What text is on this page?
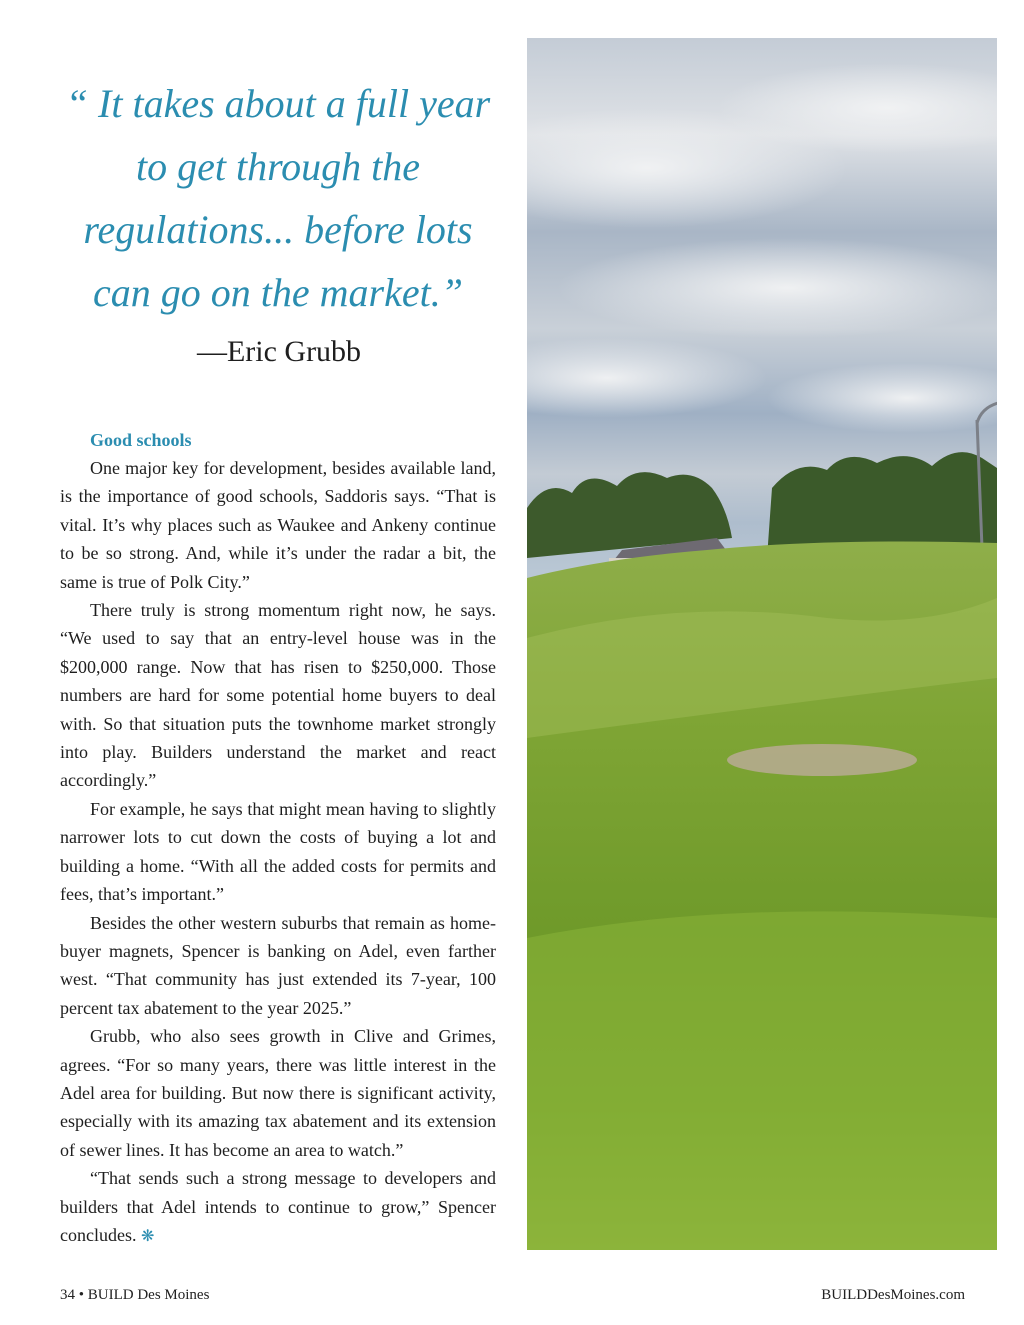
“ It takes about a full year to get through the regulations... before lots can go on the market.”

—Eric Grubb
Good schools

One major key for development, besides available land, is the importance of good schools, Saddoris says. “That is vital. It’s why places such as Waukee and Ankeny continue to be so strong. And, while it’s under the radar a bit, the same is true of Polk City.”

There truly is strong momentum right now, he says. “We used to say that an entry-level house was in the $200,000 range. Now that has risen to $250,000. Those numbers are hard for some potential home buyers to deal with. So that situation puts the townhome market strongly into play. Builders understand the market and react accordingly.”

For example, he says that might mean having to slightly narrower lots to cut down the costs of buying a lot and building a home. “With all the added costs for permits and fees, that’s important.”

Besides the other western suburbs that remain as home-buyer magnets, Spencer is banking on Adel, even farther west. “That community has just extended its 7-year, 100 percent tax abatement to the year 2025.”

Grubb, who also sees growth in Clive and Grimes, agrees. “For so many years, there was little interest in the Adel area for building. But now there is significant activity, especially with its amazing tax abatement and its extension of sewer lines. It has become an area to watch.”

“That sends such a strong message to developers and builders that Adel intends to continue to grow,” Spencer concludes. ❋

34 • BUILD Des Moines	BUILDDesMoines.com
